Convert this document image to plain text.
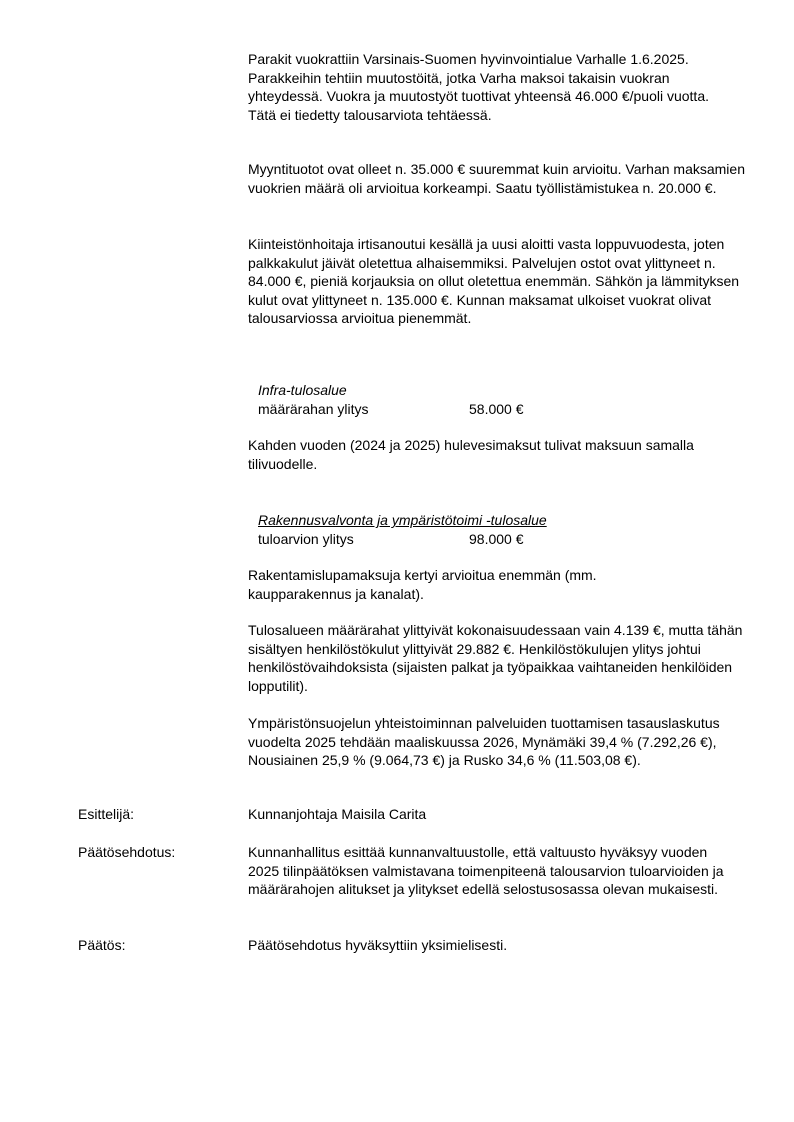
Parakit vuokrattiin Varsinais-Suomen hyvinvointialue Varhalle 1.6.2025. Parakkeihin tehtiin muutostöitä, jotka Varha maksoi takaisin vuokran yhteydessä. Vuokra ja muutostyöt tuottivat yhteensä 46.000 €/puoli vuotta. Tätä ei tiedetty talousarviota tehtäessä.

Myyntituotot ovat olleet n. 35.000 € suuremmat kuin arvioitu. Varhan maksamien vuokrien määrä oli arvioitua korkeampi. Saatu työllistämistukea n. 20.000 €.

Kiinteistönhoitaja irtisanoutui kesällä ja uusi aloitti vasta loppuvuodesta, joten palkkakulut jäivät oletettua alhaisemmiksi. Palvelujen ostot ovat ylittyneet n. 84.000 €, pieniä korjauksia on ollut oletettua enemmän. Sähkön ja lämmityksen kulut ovat ylittyneet n. 135.000 €. Kunnan maksamat ulkoiset vuokrat olivat talousarviossa arvioitua pienemmät.

Infra-tulosalue
määrärahan ylitys	58.000 €

Kahden vuoden (2024 ja 2025) hulevesimaksut tulivat maksuun samalla tilivuodelle.

Rakennusvalvonta ja ympäristötoimi -tulosalue
tuloarvion ylitys	98.000 €

Rakentamislupamaksuja kertyi arvioitua enemmän (mm. kaupparakennus ja kanalat).

Tulosalueen määrärahat ylittyivät kokonaisuudessaan vain 4.139 €, mutta tähän sisältyen henkilöstökulut ylittyivät 29.882 €. Henkilöstökulujen ylitys johtui henkilöstövaihdoksista (sijaisten palkat ja työpaikkaa vaihtaneiden henkilöiden lopputilit).

Ympäristönsuojelun yhteistoiminnan palveluiden tuottamisen tasauslaskutus vuodelta 2025 tehdään maaliskuussa 2026, Mynämäki 39,4 % (7.292,26 €), Nousiainen 25,9 % (9.064,73 €) ja Rusko 34,6 % (11.503,08 €).

Esittelijä:	Kunnanjohtaja Maisila Carita

Päätösehdotus:	Kunnanhallitus esittää kunnanvaltuustolle, että valtuusto hyväksyy vuoden 2025 tilinpäätöksen valmistavana toimenpiteenä talousarvion tuloarvioiden ja määrärahojen alitukset ja ylitykset edellä selostusosassa olevan mukaisesti.

Päätös:	Päätösehdotus hyväksyttiin yksimielisesti.
